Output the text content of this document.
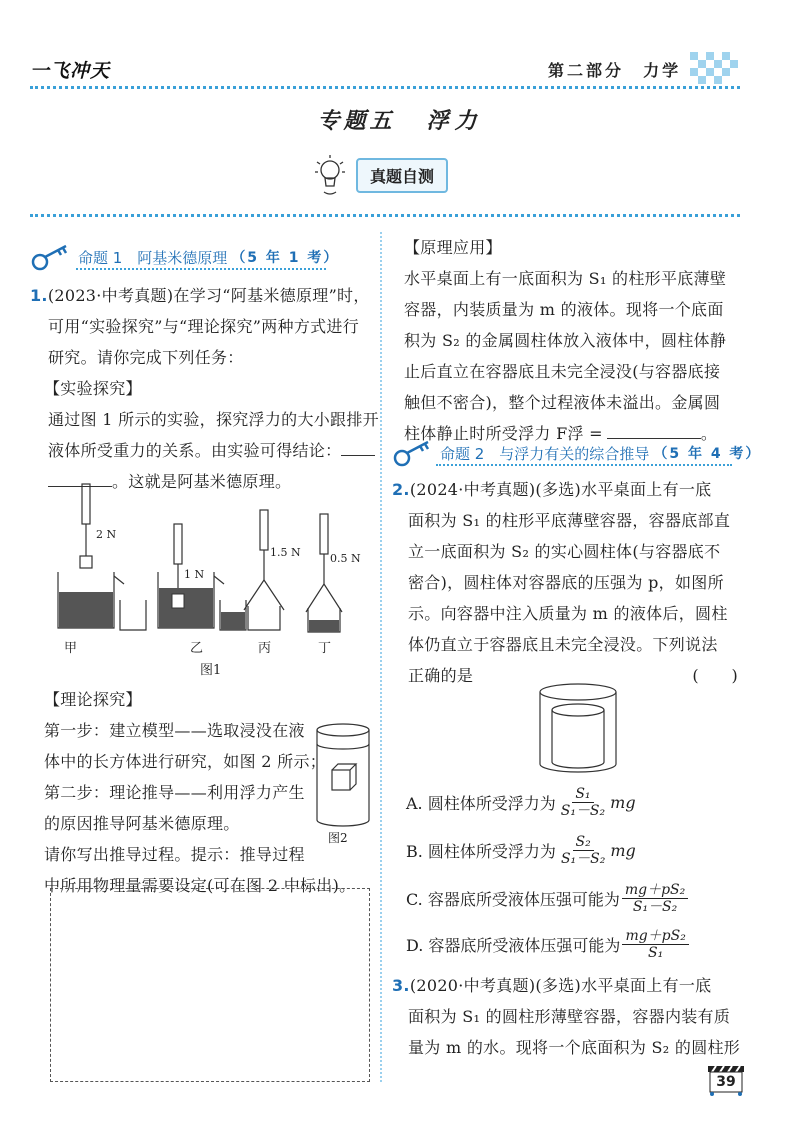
一飞冲天	第二部分 力学
专题五 浮力
真题自测
命题 1　阿基米德原理 （5 年 1 考）
1.(2023·中考真题)在学习“阿基米德原理”时，
可用“实验探究”与“理论探究”两种方式进行
研究。请你完成下列任务：
【实验探究】
通过图 1 所示的实验，探究浮力的大小跟排开
液体所受重力的关系。由实验可得结论：
。这就是阿基米德原理。
2 N
1 N
1.5 N	0.5 N
甲	乙	丙	丁
图1
【理论探究】
第一步：建立模型——选取浸没在液
体中的长方体进行研究，如图 2 所示；
第二步：理论推导——利用浮力产生
的原因推导阿基米德原理。
请你写出推导过程。提示：推导过程
中所用物理量需要设定(可在图 2 中标出)。
图2
【原理应用】
水平桌面上有一底面积为 S₁ 的柱形平底薄壁
容器，内装质量为 m 的液体。现将一个底面
积为 S₂ 的金属圆柱体放入液体中，圆柱体静
止后直立在容器底且未完全浸没(与容器底接
触但不密合)，整个过程液体未溢出。金属圆
柱体静止时所受浮力 F浮 =	。
命题 2　与浮力有关的综合推导 （5 年 4 考）
2.(2024·中考真题)(多选)水平桌面上有一底
面积为 S₁ 的柱形平底薄壁容器，容器底部直
立一底面积为 S₂ 的实心圆柱体(与容器底不
密合)，圆柱体对容器底的压强为 p，如图所
示。向容器中注入质量为 m 的液体后，圆柱
体仍直立于容器底且未完全浸没。下列说法
正确的是	(　　)
A. 圆柱体所受浮力为 $\frac{\text{S₁}}{\text{S₁－S₂}}$ mg
B. 圆柱体所受浮力为 $\frac{\text{S₂}}{\text{S₁－S₂}}$ mg
C. 容器底所受液体压强可能为 $\frac{\text{mg＋pS₂}}{\text{S₁－S₂}}$
D. 容器底所受液体压强可能为 $\frac{\text{mg＋pS₂}}{\text{S₁}}$
3.(2020·中考真题)(多选)水平桌面上有一底
面积为 S₁ 的圆柱形薄壁容器，容器内装有质
量为 m 的水。现将一个底面积为 S₂ 的圆柱形
39
